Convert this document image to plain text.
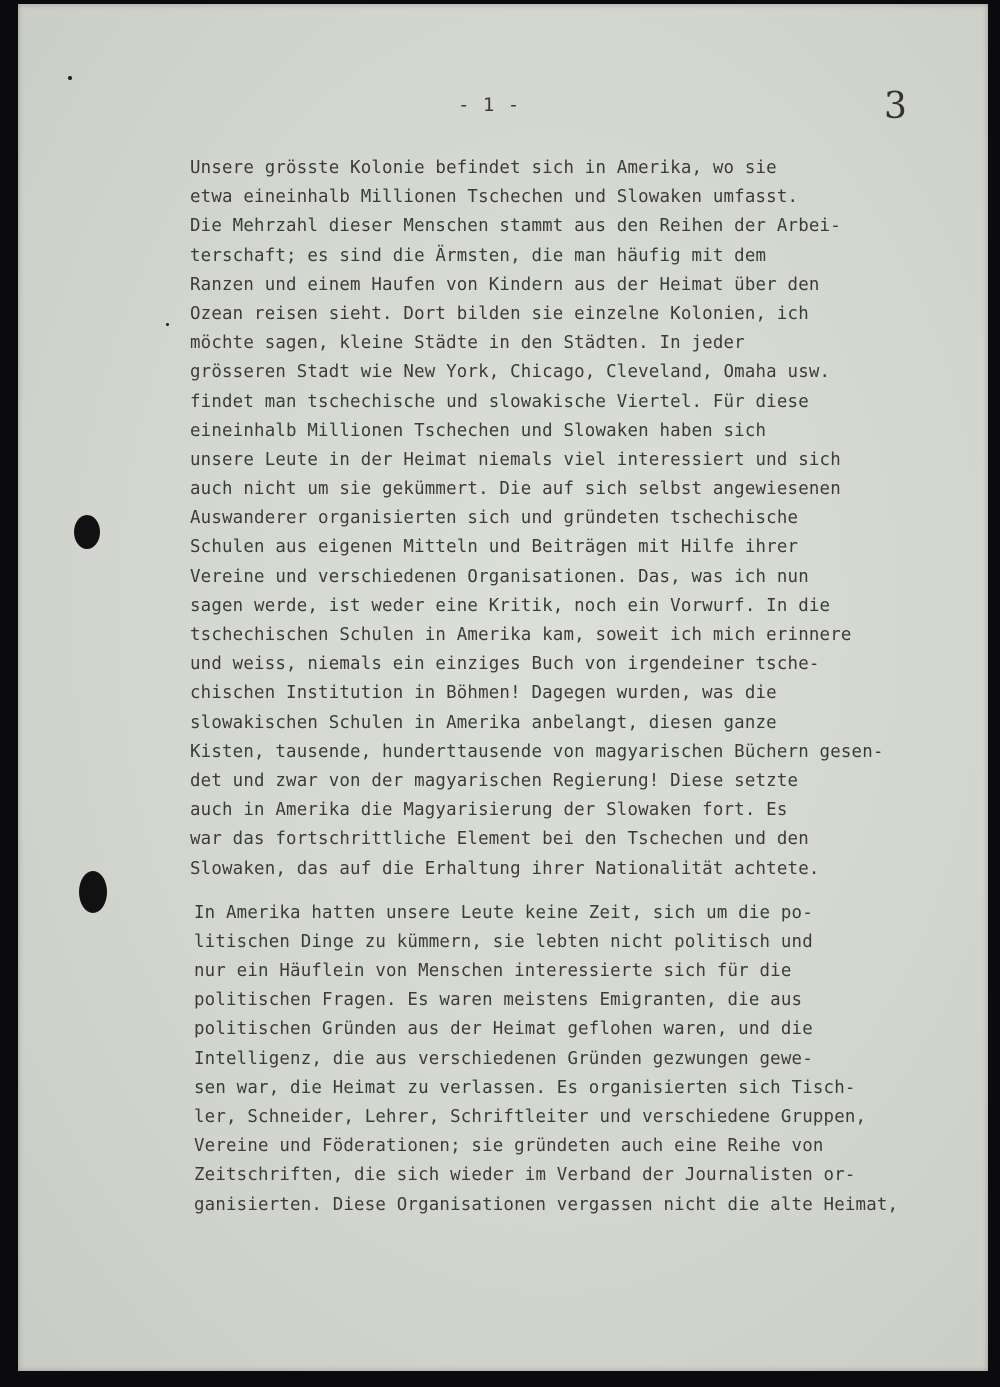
- 1 -	3
Unsere grösste Kolonie befindet sich in Amerika, wo sie
etwa eineinhalb Millionen Tschechen und Slowaken umfasst.
Die Mehrzahl dieser Menschen stammt aus den Reihen der Arbei-
terschaft; es sind die Ärmsten, die man häufig mit dem
Ranzen und einem Haufen von Kindern aus der Heimat über den
Ozean reisen sieht. Dort bilden sie einzelne Kolonien, ich
möchte sagen, kleine Städte in den Städten. In jeder
grösseren Stadt wie New York, Chicago, Cleveland, Omaha usw.
findet man tschechische und slowakische Viertel. Für diese
eineinhalb Millionen Tschechen und Slowaken haben sich
unsere Leute in der Heimat niemals viel interessiert und sich
auch nicht um sie gekümmert. Die auf sich selbst angewiesenen
Auswanderer organisierten sich und gründeten tschechische
Schulen aus eigenen Mitteln und Beiträgen mit Hilfe ihrer
Vereine und verschiedenen Organisationen. Das, was ich nun
sagen werde, ist weder eine Kritik, noch ein Vorwurf. In die
tschechischen Schulen in Amerika kam, soweit ich mich erinnere
und weiss, niemals ein einziges Buch von irgendeiner tsche-
chischen Institution in Böhmen! Dagegen wurden, was die
slowakischen Schulen in Amerika anbelangt, diesen ganze
Kisten, tausende, hunderttausende von magyarischen Büchern gesen-
det und zwar von der magyarischen Regierung! Diese setzte
auch in Amerika die Magyarisierung der Slowaken fort. Es
war das fortschrittliche Element bei den Tschechen und den
Slowaken, das auf die Erhaltung ihrer Nationalität achtete.
In Amerika hatten unsere Leute keine Zeit, sich um die po-
litischen Dinge zu kümmern, sie lebten nicht politisch und
nur ein Häuflein von Menschen interessierte sich für die
politischen Fragen. Es waren meistens Emigranten, die aus
politischen Gründen aus der Heimat geflohen waren, und die
Intelligenz, die aus verschiedenen Gründen gezwungen gewe-
sen war, die Heimat zu verlassen. Es organisierten sich Tisch-
ler, Schneider, Lehrer, Schriftleiter und verschiedene Gruppen,
Vereine und Föderationen; sie gründeten auch eine Reihe von
Zeitschriften, die sich wieder im Verband der Journalisten or-
ganisierten. Diese Organisationen vergassen nicht die alte Heimat,
